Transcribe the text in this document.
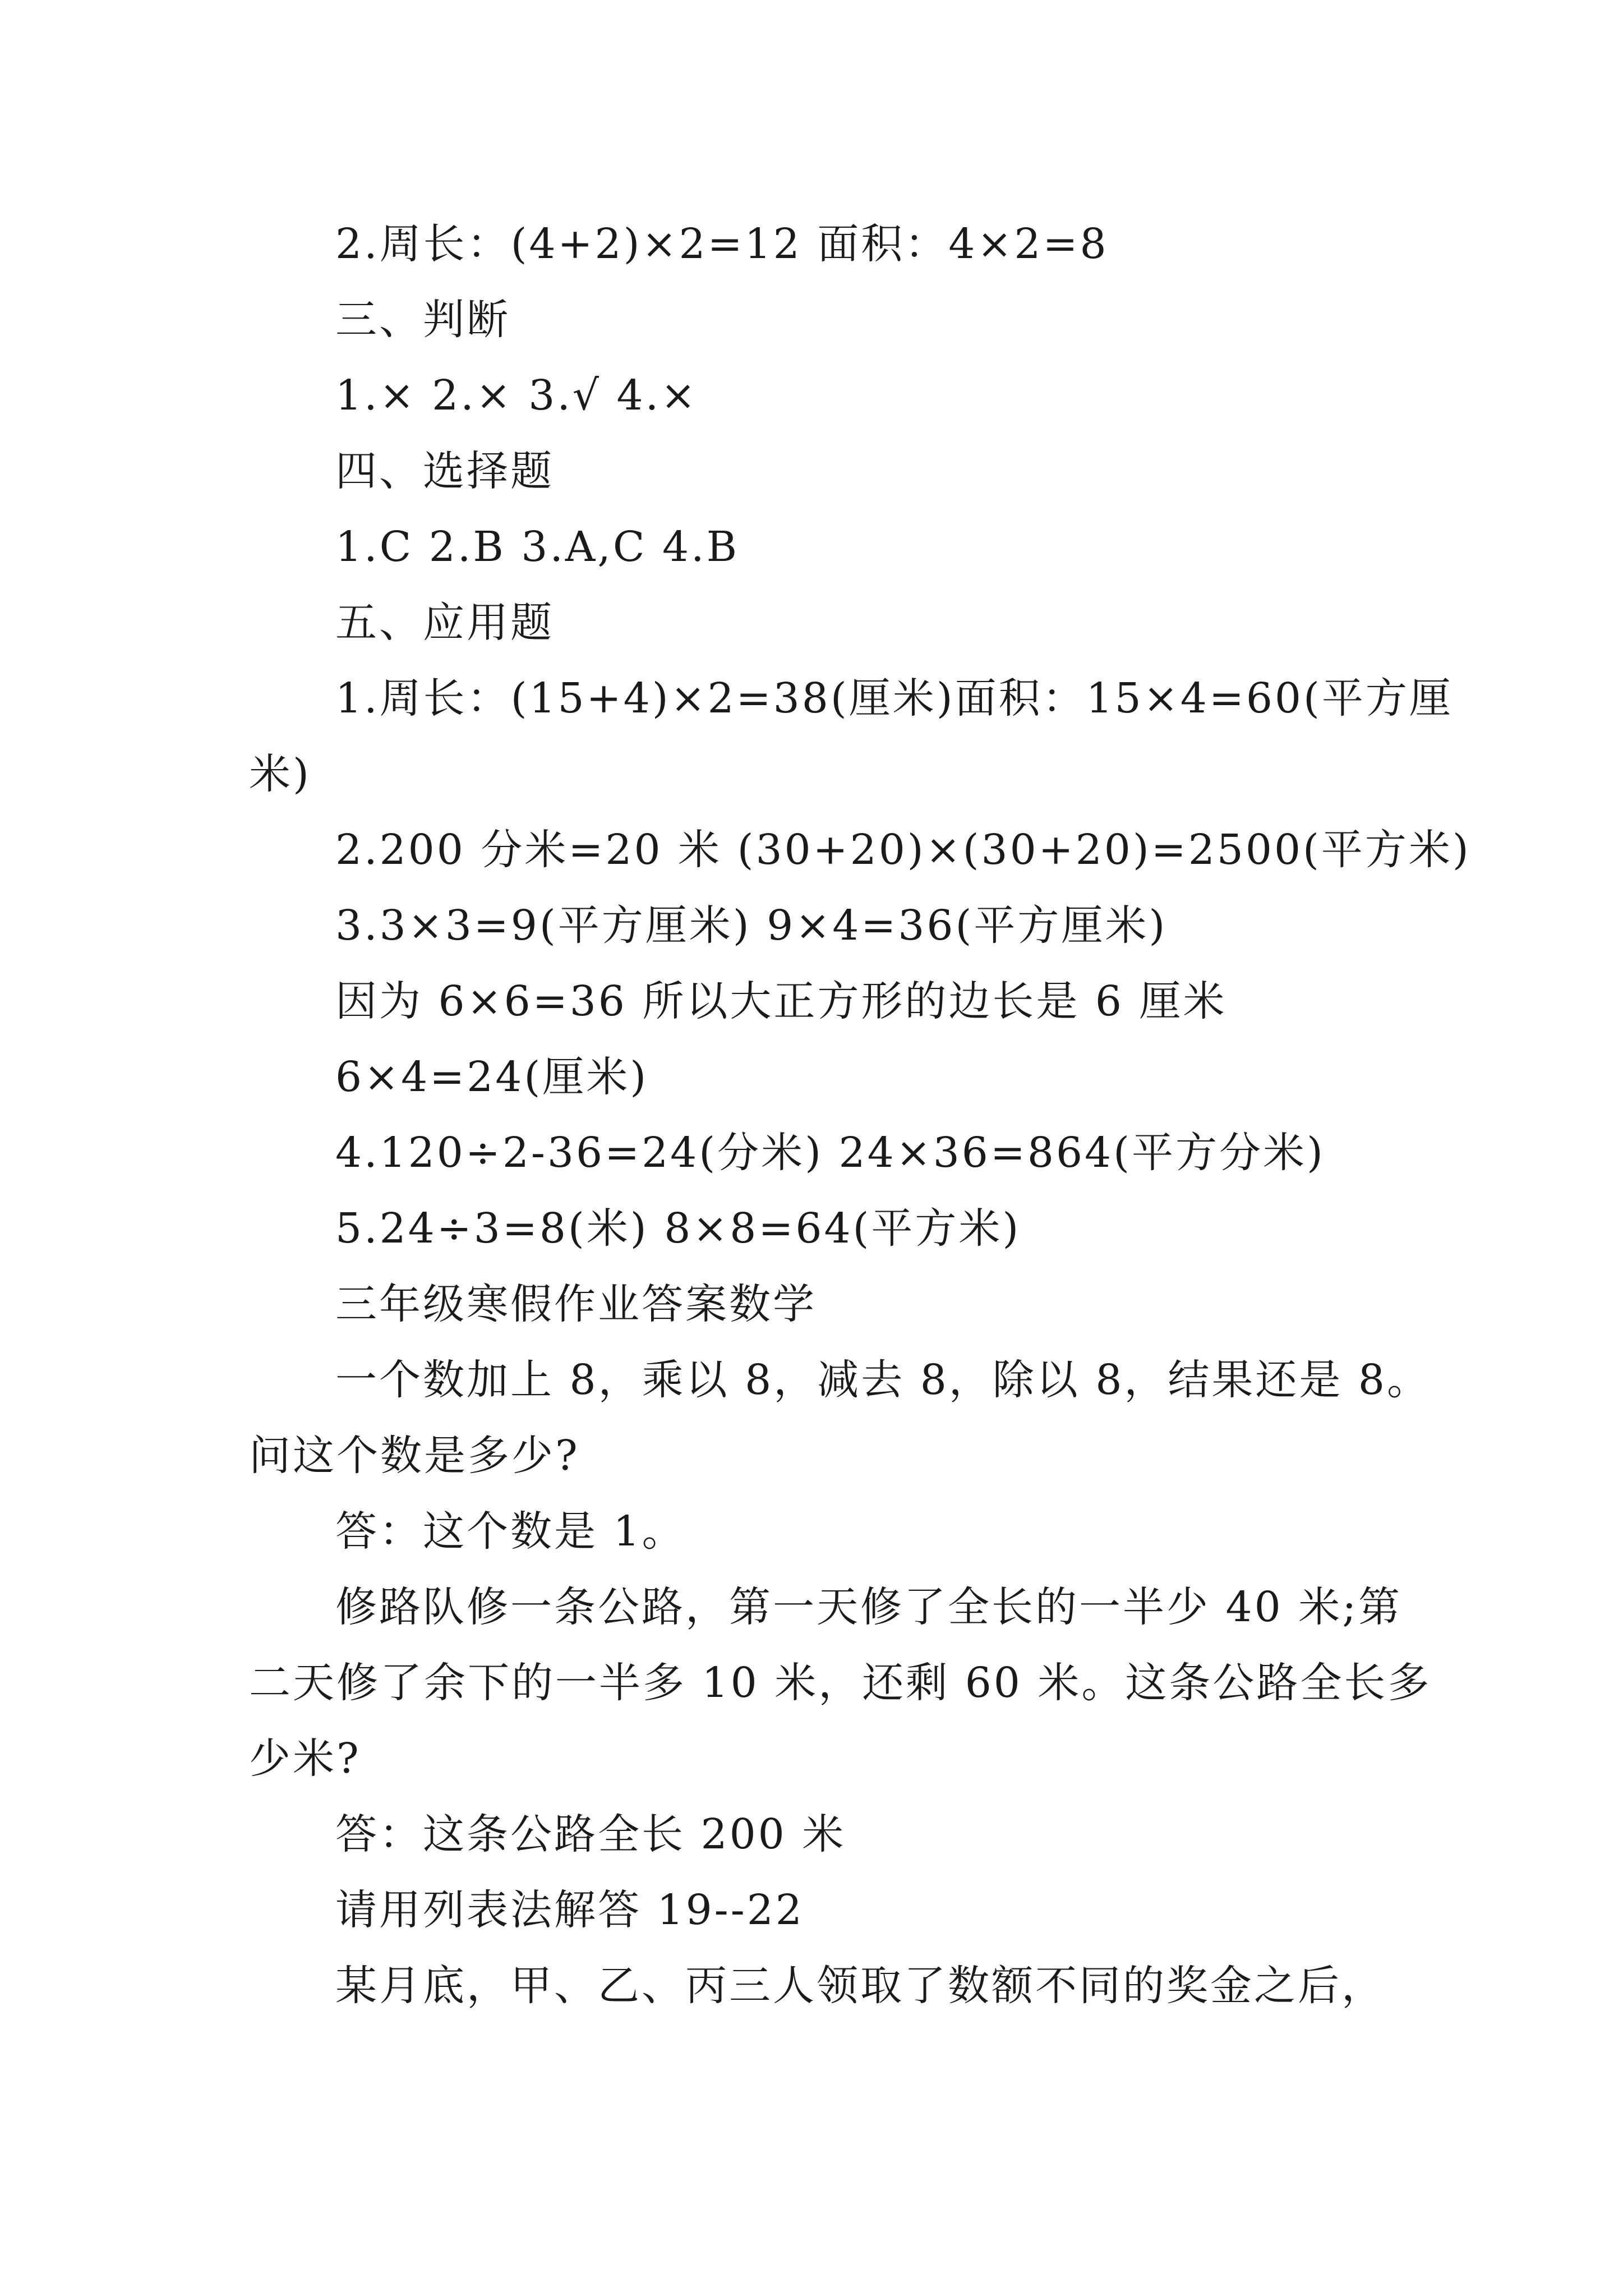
2.周长：(4+2)×2=12 面积：4×2=8
三、判断
1.× 2.× 3.√ 4.×
四、选择题
1.C 2.B 3.A,C 4.B
五、应用题
1.周长：(15+4)×2=38(厘米)面积：15×4=60(平方厘
米)
2.200 分米=20 米 (30+20)×(30+20)=2500(平方米)
3.3×3=9(平方厘米) 9×4=36(平方厘米)
因为 6×6=36 所以大正方形的边长是 6 厘米
6×4=24(厘米)
4.120÷2-36=24(分米) 24×36=864(平方分米)
5.24÷3=8(米) 8×8=64(平方米)
三年级寒假作业答案数学
一个数加上 8，乘以 8，减去 8，除以 8，结果还是 8。
问这个数是多少?
答：这个数是 1。
修路队修一条公路，第一天修了全长的一半少 40 米;第
二天修了余下的一半多 10 米，还剩 60 米。这条公路全长多
少米?
答：这条公路全长 200 米
请用列表法解答 19--22
某月底，甲、乙、丙三人领取了数额不同的奖金之后，
